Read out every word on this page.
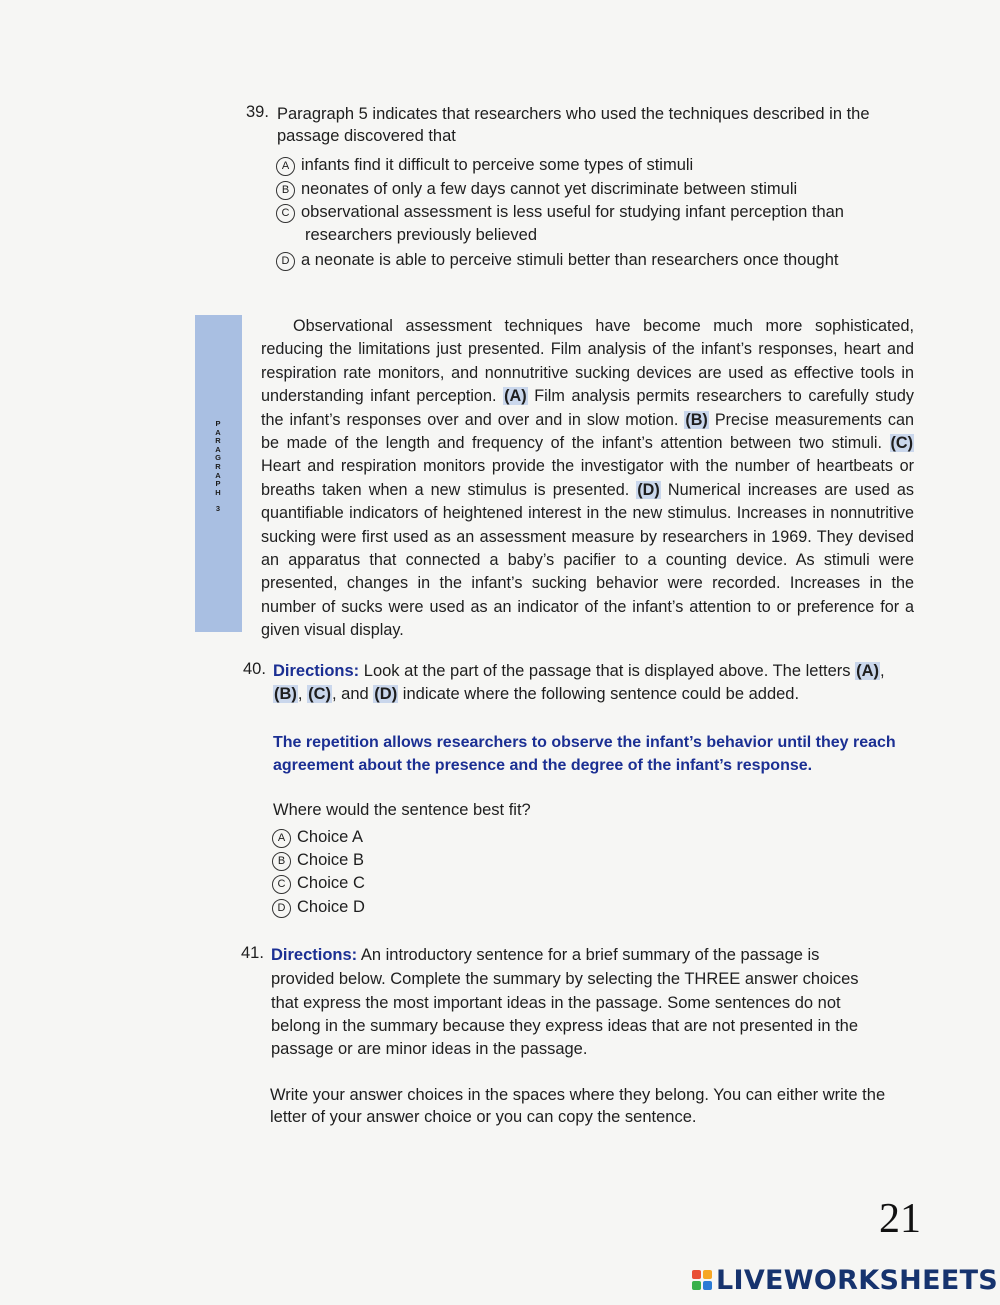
39. Paragraph 5 indicates that researchers who used the techniques described in the
passage discovered that
A infants find it difficult to perceive some types of stimuli
B neonates of only a few days cannot yet discriminate between stimuli
C observational assessment is less useful for studying infant perception than
researchers previously believed
D a neonate is able to perceive stimuli better than researchers once thought
P
A
R
A
G
R
A
P
H
3

Observational assessment techniques have become much more sophisticated, reducing the limitations just presented. Film analysis of the infant’s responses, heart and respiration rate monitors, and nonnutritive sucking devices are used as effective tools in understanding infant perception. (A) Film analysis permits researchers to carefully study the infant’s responses over and over and in slow motion. (B) Precise measurements can be made of the length and frequency of the infant’s attention between two stimuli. (C) Heart and respiration monitors provide the investigator with the number of heartbeats or breaths taken when a new stimulus is presented. (D) Numerical increases are used as quantifiable indicators of heightened interest in the new stimulus. Increases in nonnutritive sucking were first used as an assessment measure by researchers in 1969. They devised an apparatus that connected a baby’s pacifier to a counting device. As stimuli were presented, changes in the infant’s sucking behavior were recorded. Increases in the number of sucks were used as an indicator of the infant’s attention to or preference for a given visual display.

40. Directions: Look at the part of the passage that is displayed above. The letters (A),
(B), (C), and (D) indicate where the following sentence could be added.
The repetition allows researchers to observe the infant’s behavior until they reach
agreement about the presence and the degree of the infant’s response.
Where would the sentence best fit?
A Choice A
B Choice B
C Choice C
D Choice D
41. Directions: An introductory sentence for a brief summary of the passage is
provided below. Complete the summary by selecting the THREE answer choices
that express the most important ideas in the passage. Some sentences do not
belong in the summary because they express ideas that are not presented in the
passage or are minor ideas in the passage.
Write your answer choices in the spaces where they belong. You can either write the
letter of your answer choice or you can copy the sentence.
21
LIVEWORKSHEETS
